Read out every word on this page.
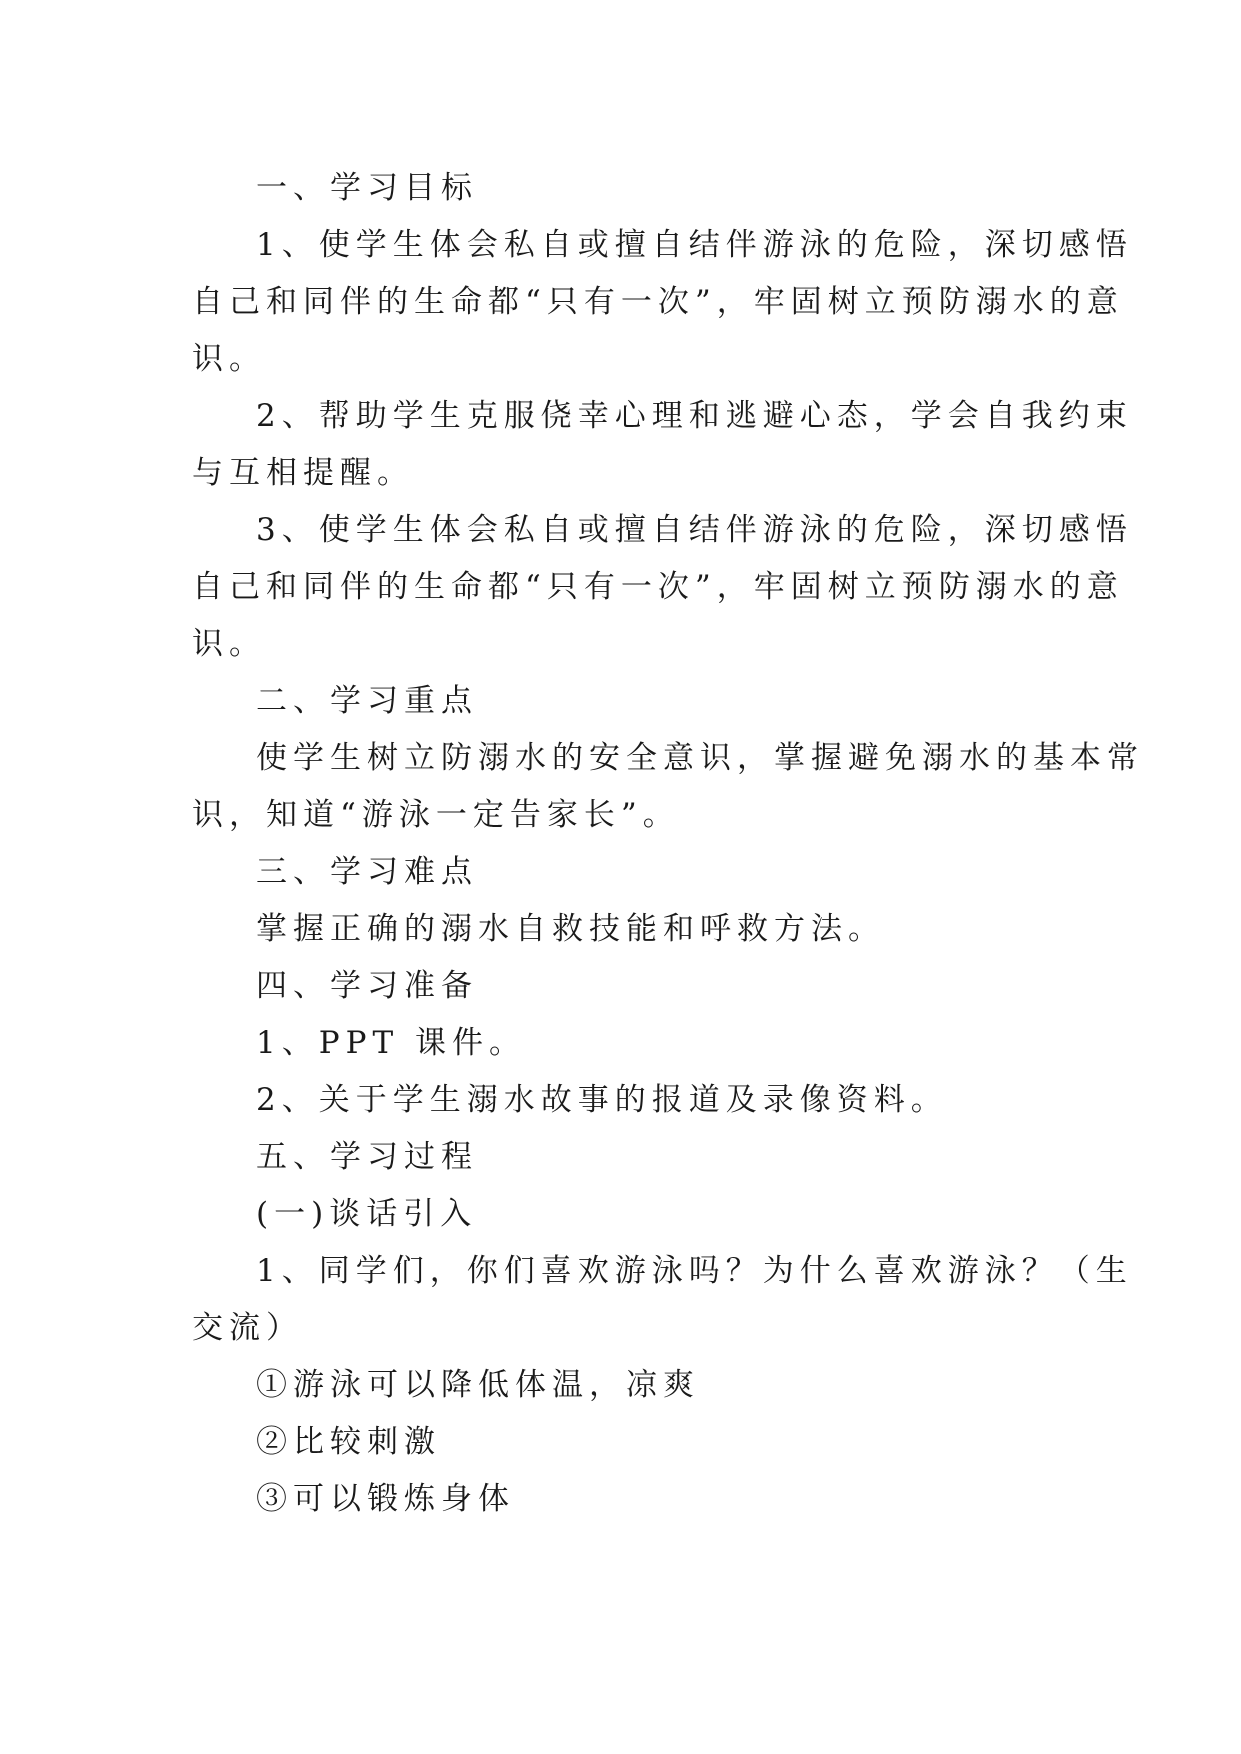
一、学习目标

1、使学生体会私自或擅自结伴游泳的危险，深切感悟

自己和同伴的生命都“只有一次”，牢固树立预防溺水的意

识。

2、帮助学生克服侥幸心理和逃避心态，学会自我约束

与互相提醒。

3、使学生体会私自或擅自结伴游泳的危险，深切感悟

自己和同伴的生命都“只有一次”，牢固树立预防溺水的意

识。

二、学习重点

使学生树立防溺水的安全意识，掌握避免溺水的基本常

识，知道“游泳一定告家长”。

三、学习难点

掌握正确的溺水自救技能和呼救方法。

四、学习准备

1、PPT 课件。

2、关于学生溺水故事的报道及录像资料。

五、学习过程

(一)谈话引入

1、同学们，你们喜欢游泳吗？为什么喜欢游泳？（生

交流）

①游泳可以降低体温，凉爽

②比较刺激

③可以锻炼身体
